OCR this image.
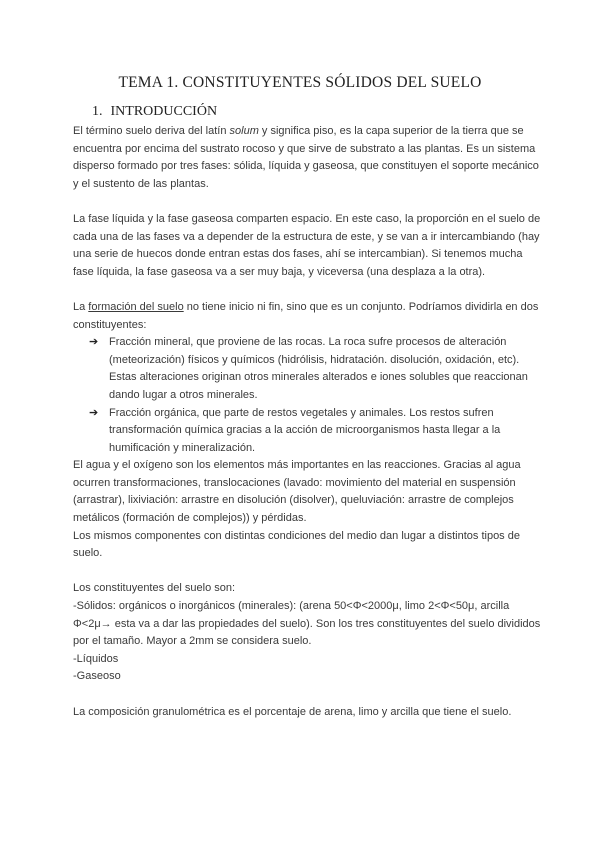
TEMA 1. CONSTITUYENTES SÓLIDOS DEL SUELO
1. INTRODUCCIÓN

El término suelo deriva del latín solum y significa piso, es la capa superior de la tierra que se encuentra por encima del sustrato rocoso y que sirve de substrato a las plantas. Es un sistema disperso formado por tres fases: sólida, líquida y gaseosa, que constituyen el soporte mecánico y el sustento de las plantas.

La fase líquida y la fase gaseosa comparten espacio. En este caso, la proporción en el suelo de cada una de las fases va a depender de la estructura de este, y se van a ir intercambiando (hay una serie de huecos donde entran estas dos fases, ahí se intercambian). Si tenemos mucha fase líquida, la fase gaseosa va a ser muy baja, y viceversa (una desplaza a la otra).

La formación del suelo no tiene inicio ni fin, sino que es un conjunto. Podríamos dividirla en dos constituyentes:

➔ Fracción mineral, que proviene de las rocas. La roca sufre procesos de alteración (meteorización) físicos y químicos (hidrólisis, hidratación. disolución, oxidación, etc). Estas alteraciones originan otros minerales alterados e iones solubles que reaccionan dando lugar a otros minerales.
➔ Fracción orgánica, que parte de restos vegetales y animales. Los restos sufren transformación química gracias a la acción de microorganismos hasta llegar a la humificación y mineralización.

El agua y el oxígeno son los elementos más importantes en las reacciones. Gracias al agua ocurren transformaciones, translocaciones (lavado: movimiento del material en suspensión (arrastrar), lixiviación: arrastre en disolución (disolver), queluviación: arrastre de complejos metálicos (formación de complejos)) y pérdidas.

Los mismos componentes con distintas condiciones del medio dan lugar a distintos tipos de suelo.

Los constituyentes del suelo son:

-Sólidos: orgánicos o inorgánicos (minerales): (arena 50<Φ<2000μ, limo 2<Φ<50μ, arcilla Φ<2μ→ esta va a dar las propiedades del suelo). Son los tres constituyentes del suelo divididos por el tamaño. Mayor a 2mm se considera suelo.

-Líquidos

-Gaseoso

La composición granulométrica es el porcentaje de arena, limo y arcilla que tiene el suelo.
